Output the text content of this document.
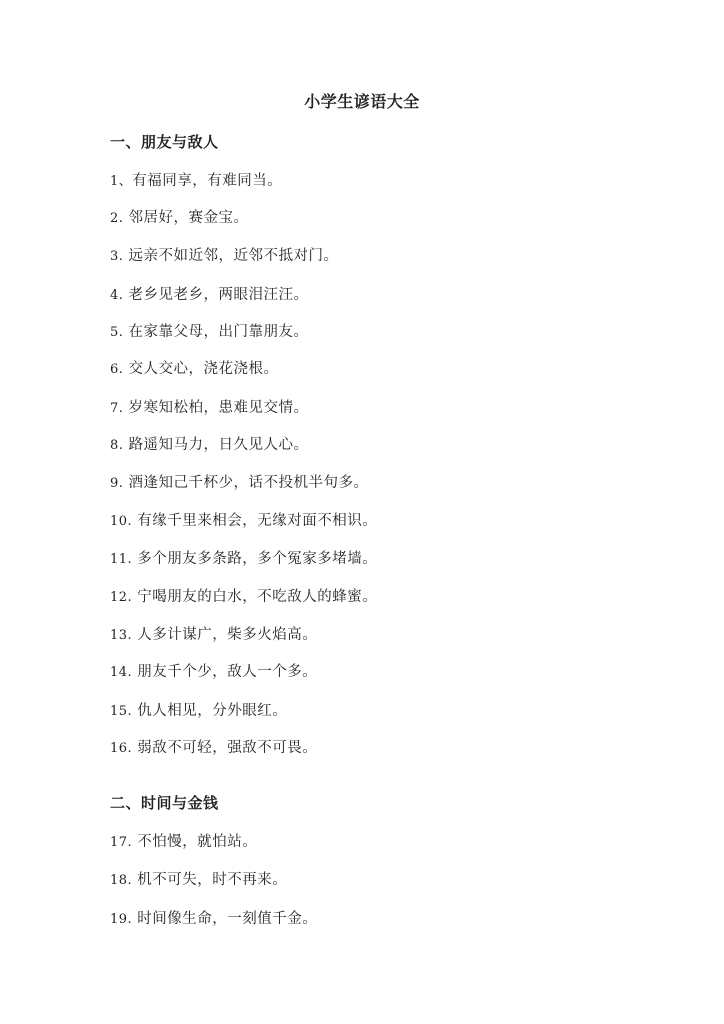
小学生谚语大全
一、朋友与敌人
1、有福同享，有难同当。
2. 邻居好，赛金宝。
3. 远亲不如近邻，近邻不抵对门。
4. 老乡见老乡，两眼泪汪汪。
5. 在家靠父母，出门靠朋友。
6. 交人交心，浇花浇根。
7. 岁寒知松柏，患难见交情。
8. 路遥知马力，日久见人心。
9. 酒逢知己千杯少，话不投机半句多。
10. 有缘千里来相会，无缘对面不相识。
11. 多个朋友多条路，多个冤家多堵墙。
12. 宁喝朋友的白水，不吃敌人的蜂蜜。
13. 人多计谋广，柴多火焰高。
14. 朋友千个少，敌人一个多。
15. 仇人相见，分外眼红。
16. 弱敌不可轻，强敌不可畏。
二、时间与金钱
17. 不怕慢，就怕站。
18. 机不可失，时不再来。
19. 时间像生命，一刻值千金。
